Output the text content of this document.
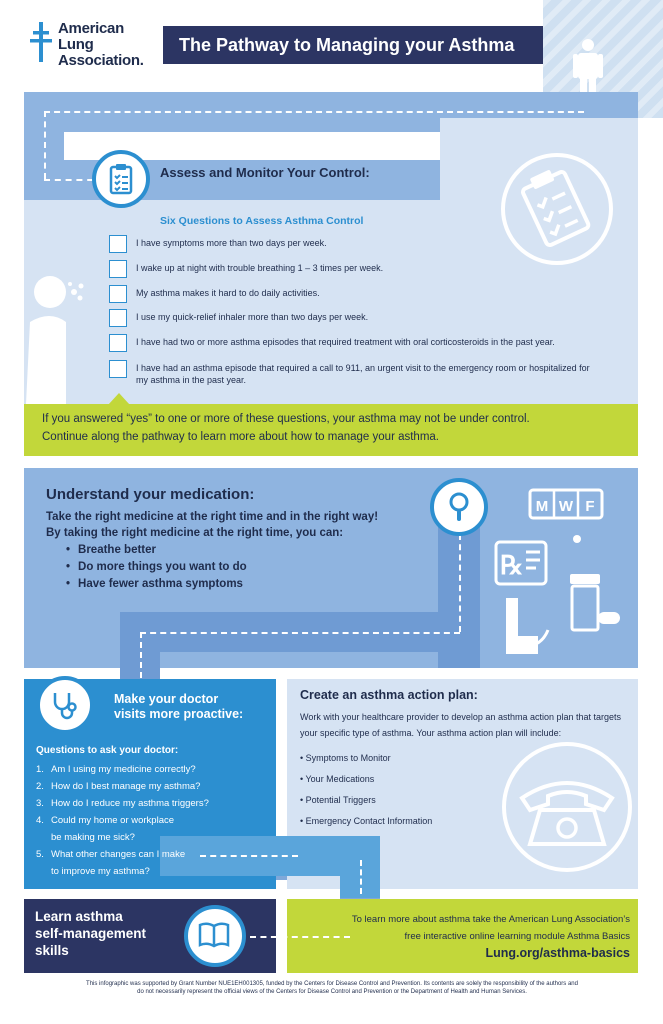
American
Lung
Association.
The Pathway to Managing your Asthma
Assess and Monitor Your Control:
Six Questions to Assess Asthma Control
I have symptoms more than two days per week.
I wake up at night with trouble breathing 1 – 3 times per week.
My asthma makes it hard to do daily activities.
I use my quick-relief inhaler more than two days per week.
I have had two or more asthma episodes that required treatment with oral corticosteroids in the past year.
I have had an asthma episode that required a call to 911, an urgent visit to the emergency room or hospitalized for my asthma in the past year.
If you answered “yes” to one or more of these questions, your asthma may not be under control.
Continue along the pathway to learn more about how to manage your asthma.
Understand your medication:
Take the right medicine at the right time and in the right way!
By taking the right medicine at the right time, you can:
• Breathe better
• Do more things you want to do
• Have fewer asthma symptoms
M W F
℞
Make your doctor
visits more proactive:
Questions to ask your doctor:
1. Am I using my medicine correctly?
2. How do I best manage my asthma?
3. How do I reduce my asthma triggers?
4. Could my home or workplace
be making me sick?
5. What other changes can I make
to improve my asthma?
Create an asthma action plan:
Work with your healthcare provider to develop an asthma action plan that targets your specific type of asthma. Your asthma action plan will include:
• Symptoms to Monitor
• Your Medications
• Potential Triggers
• Emergency Contact Information
Learn asthma
self-management
skills
To learn more about asthma take the American Lung Association’s
free interactive online learning module Asthma Basics
Lung.org/asthma-basics
This infographic was supported by Grant Number NUE1EH001305, funded by the Centers for Disease Control and Prevention. Its contents are solely the responsibility of the authors and
do not necessarily represent the official views of the Centers for Disease Control and Prevention or the Department of Health and Human Services.
